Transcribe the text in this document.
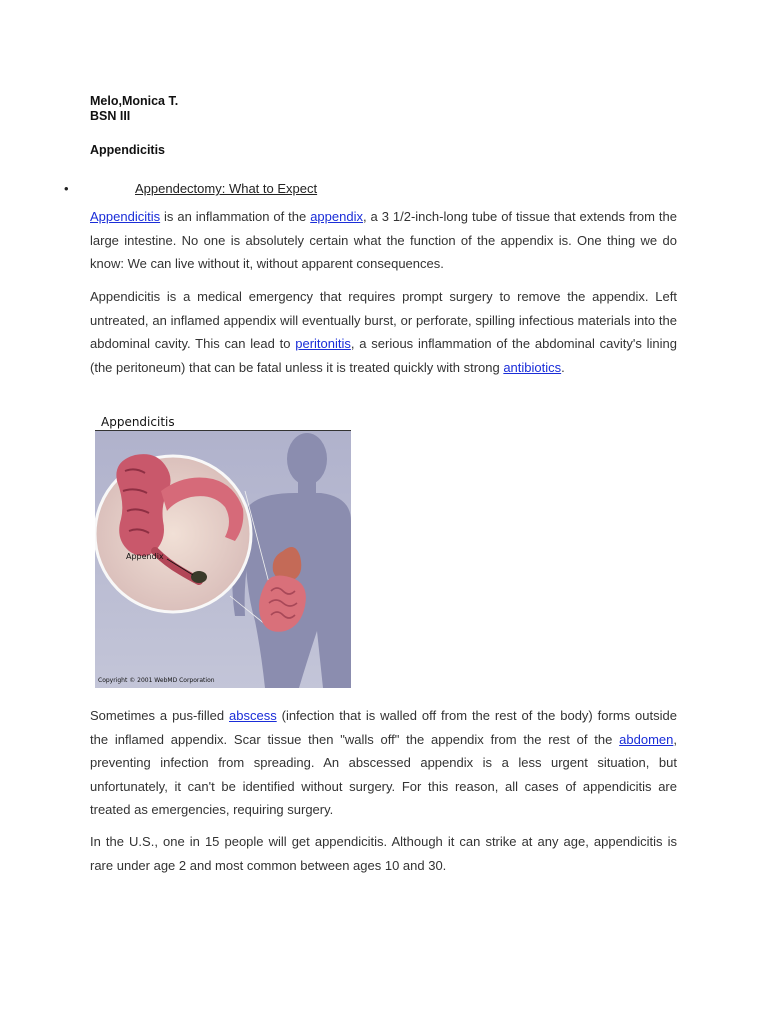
Melo,Monica T.
BSN III
Appendicitis
•	Appendectomy: What to Expect

Appendicitis is an inflammation of the appendix, a 3 1/2-inch-long tube of tissue that extends from the large intestine. No one is absolutely certain what the function of the appendix is. One thing we do know: We can live without it, without apparent consequences.

Appendicitis is a medical emergency that requires prompt surgery to remove the appendix. Left untreated, an inflamed appendix will eventually burst, or perforate, spilling infectious materials into the abdominal cavity. This can lead to peritonitis, a serious inflammation of the abdominal cavity's lining (the peritoneum) that can be fatal unless it is treated quickly with strong antibiotics.

Appendicitis
Appendix
Copyright © 2001 WebMD Corporation

Sometimes a pus-filled abscess (infection that is walled off from the rest of the body) forms outside the inflamed appendix. Scar tissue then "walls off" the appendix from the rest of the abdomen, preventing infection from spreading. An abscessed appendix is a less urgent situation, but unfortunately, it can't be identified without surgery. For this reason, all cases of appendicitis are treated as emergencies, requiring surgery.

In the U.S., one in 15 people will get appendicitis. Although it can strike at any age, appendicitis is rare under age 2 and most common between ages 10 and 30.
